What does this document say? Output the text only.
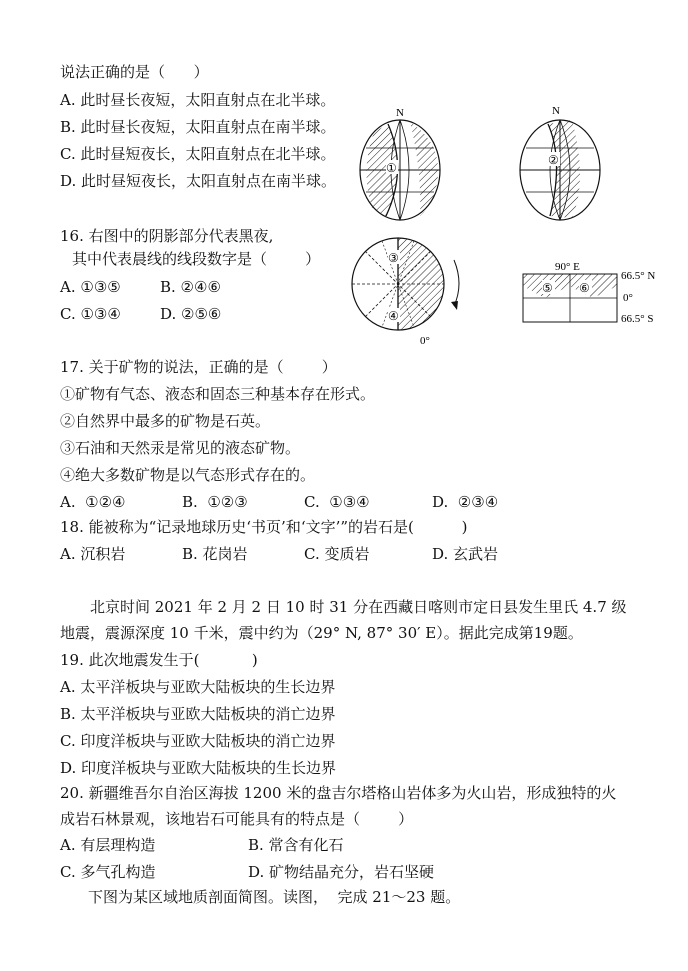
说法正确的是（      ）
A. 此时昼长夜短，太阳直射点在北半球。
B. 此时昼长夜短，太阳直射点在南半球。
C. 此时昼短夜长，太阳直射点在北半球。
D. 此时昼短夜长，太阳直射点在南半球。
N
①
N
②
16. 右图中的阴影部分代表黑夜,
其中代表晨线的线段数字是（        ）
A. ①③⑤	B. ②④⑥
C. ①③④	D. ②⑤⑥
③
④
0°
90° E
66.5° N
0°
66.5° S
⑤ ⑥
17. 关于矿物的说法，正确的是（        ）
①矿物有气态、液态和固态三种基本存在形式。
②自然界中最多的矿物是石英。
③石油和天然汞是常见的液态矿物。
④绝大多数矿物是以气态形式存在的。
A.  ①②④	B.  ①②③	C.  ①③④	D.  ②③④
18. 能被称为“记录地球历史‘书页’和‘文字’”的岩石是(          )
A. 沉积岩	B. 花岗岩	C. 变质岩	D. 玄武岩
北京时间 2021 年 2 月 2 日 10 时 31 分在西藏日喀则市定日县发生里氏 4.7 级
地震，震源深度 10 千米，震中约为（29° N, 87° 30′ E）。据此完成第19题。
19. 此次地震发生于(           )
A. 太平洋板块与亚欧大陆板块的生长边界
B. 太平洋板块与亚欧大陆板块的消亡边界
C. 印度洋板块与亚欧大陆板块的消亡边界
D. 印度洋板块与亚欧大陆板块的生长边界
20. 新疆维吾尔自治区海拔 1200 米的盘吉尔塔格山岩体多为火山岩，形成独特的火
成岩石林景观，该地岩石可能具有的特点是（        ）
A. 有层理构造	B. 常含有化石
C. 多气孔构造	D. 矿物结晶充分，岩石坚硬
下图为某区域地质剖面简图。读图，  完成 21～23 题。
